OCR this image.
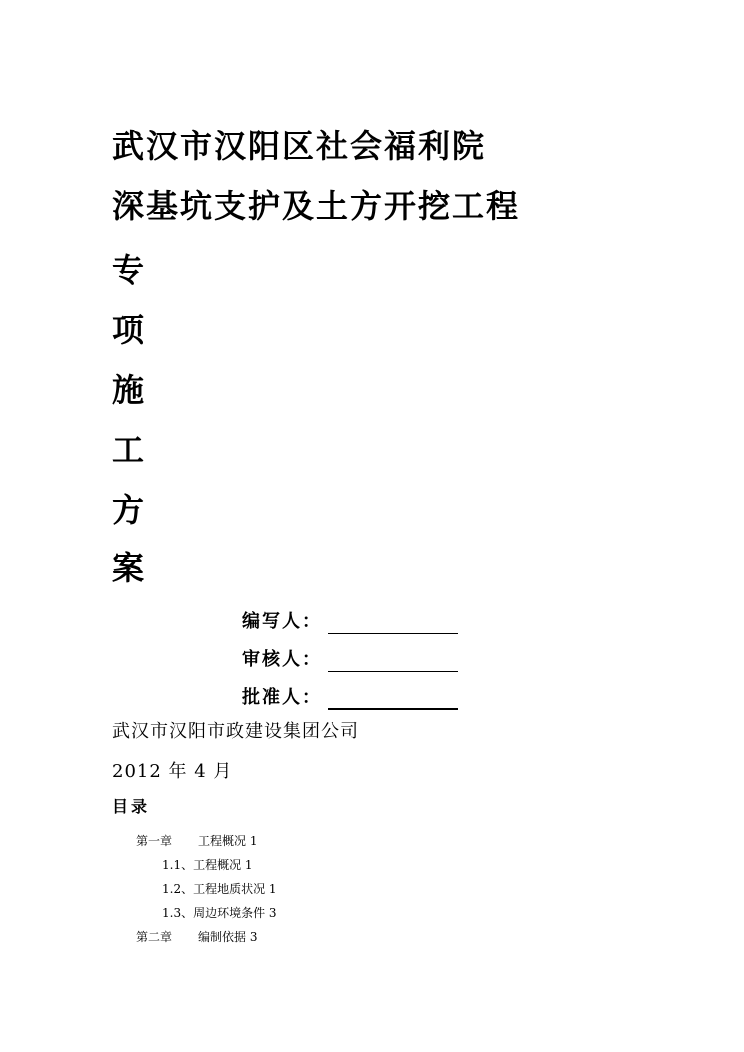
武汉市汉阳区社会福利院
深基坑支护及土方开挖工程
专
项
施
工
方
案
编写人：
审核人：
批准人：
武汉市汉阳市政建设集团公司
2012 年 4 月
目录
第一章 工程概况 1
1.1、工程概况 1
1.2、工程地质状况 1
1.3、周边环境条件 3
第二章 编制依据 3
